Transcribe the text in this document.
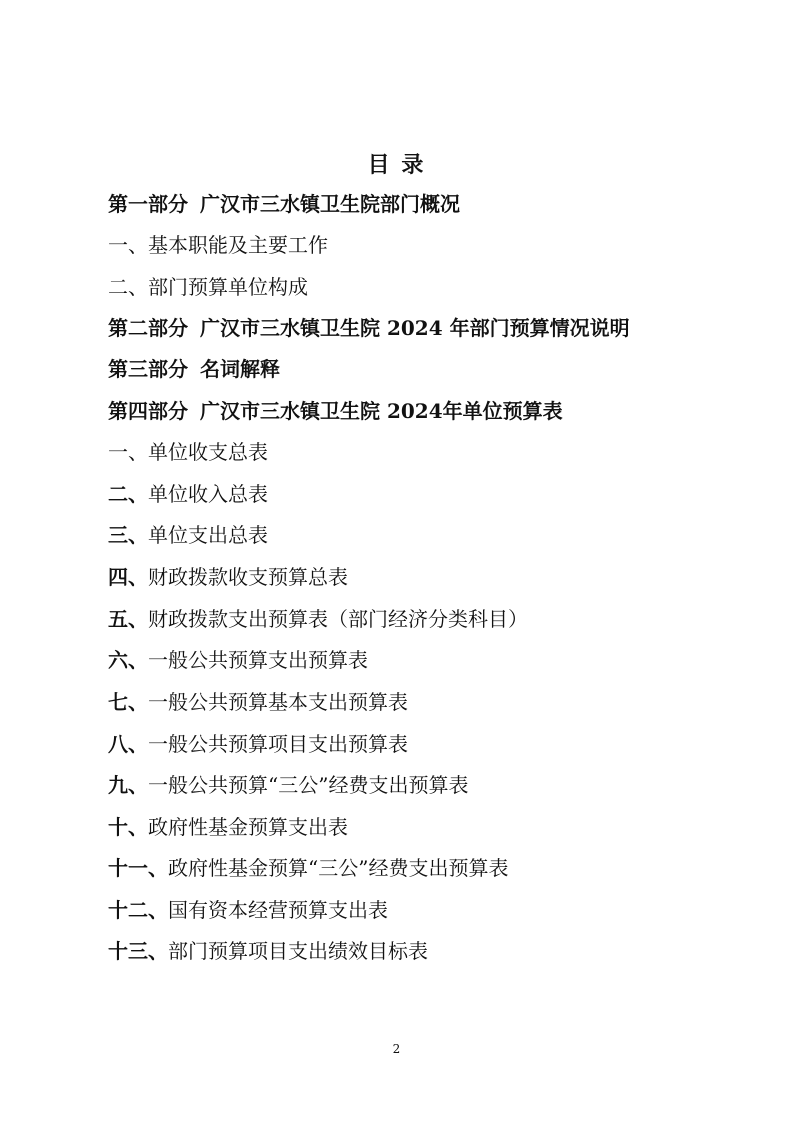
目 录
第一部分 广汉市三水镇卫生院部门概况
一、基本职能及主要工作
二、部门预算单位构成
第二部分 广汉市三水镇卫生院 2024 年部门预算情况说明
第三部分 名词解释
第四部分 广汉市三水镇卫生院 2024年单位预算表
一、单位收支总表
二、单位收入总表
三、单位支出总表
四、财政拨款收支预算总表
五、财政拨款支出预算表（部门经济分类科目）
六、一般公共预算支出预算表
七、一般公共预算基本支出预算表
八、一般公共预算项目支出预算表
九、一般公共预算“三公”经费支出预算表
十、政府性基金预算支出表
十一、政府性基金预算“三公”经费支出预算表
十二、国有资本经营预算支出表
十三、部门预算项目支出绩效目标表
2
